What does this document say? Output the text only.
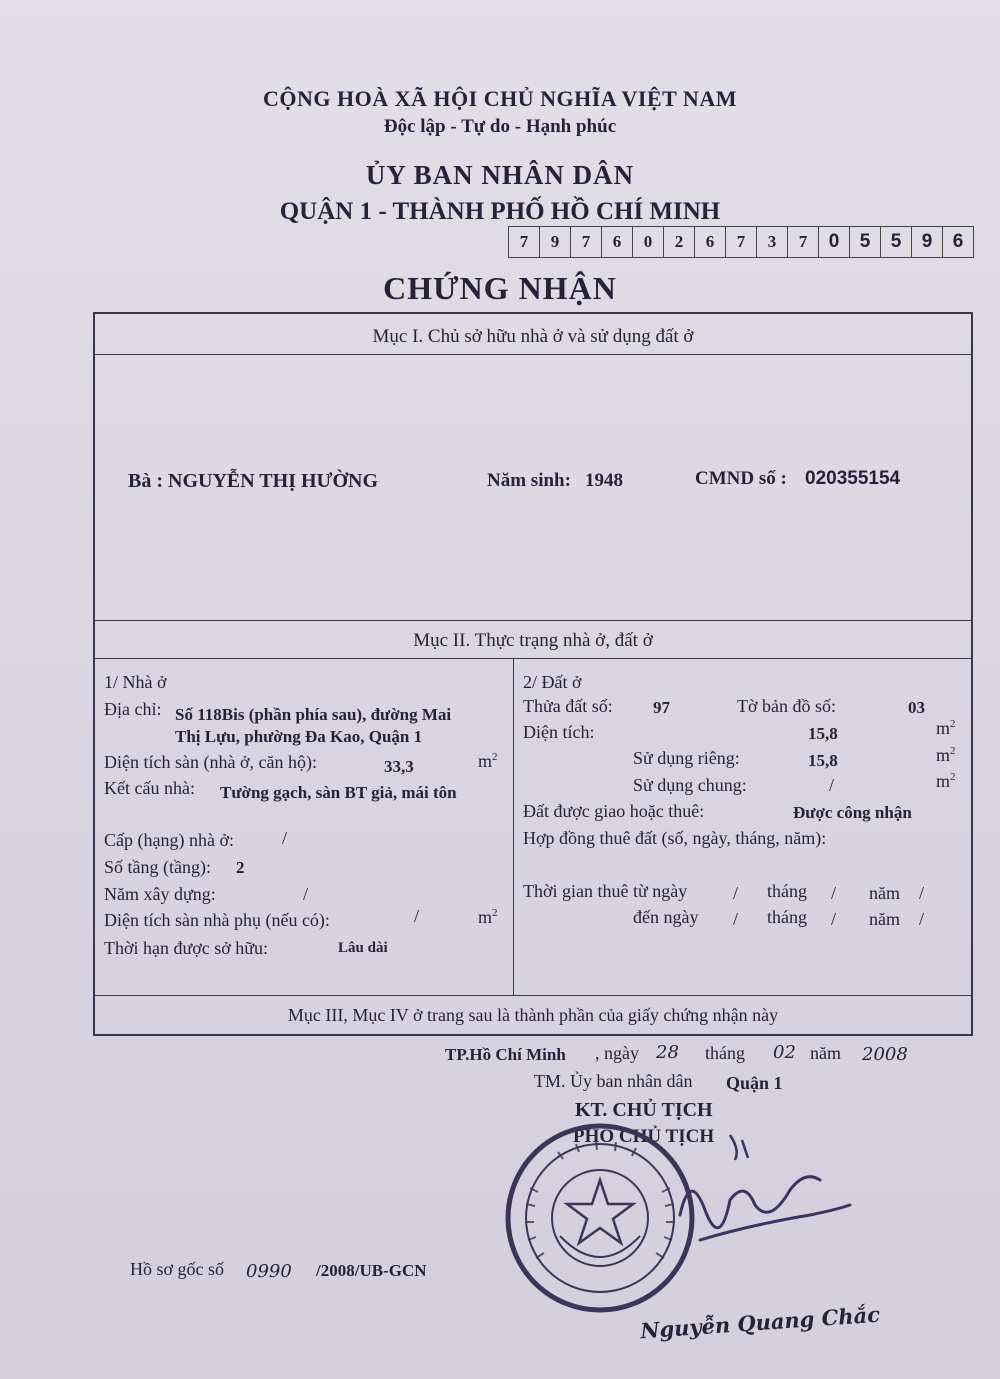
CỘNG HOÀ XÃ HỘI CHỦ NGHĨA VIỆT NAM
Độc lập - Tự do - Hạnh phúc
ỦY BAN NHÂN DÂN
QUẬN 1 - THÀNH PHỐ HỒ CHÍ MINH
7	9	7	6	0	2	6	7	3	7	0	5	5	9	6
CHỨNG NHẬN
Mục I. Chủ sở hữu nhà ở và sử dụng đất ở
Bà : NGUYỄN THỊ HƯỜNG	Năm sinh: 1948	CMND số : 020355154
Mục II. Thực trạng nhà ở, đất ở
1/ Nhà ở
Địa chỉ: Số 118Bis (phần phía sau), đường Mai
Thị Lựu, phường Đa Kao, Quận 1
Diện tích sàn (nhà ở, căn hộ):	33,3	$m^2$
Kết cấu nhà: Tường gạch, sàn BT giả, mái tôn
Cấp (hạng) nhà ở:	/
Số tầng (tầng): 2
Năm xây dựng:	/
Diện tích sàn nhà phụ (nếu có):	/	$m^2$
Thời hạn được sở hữu:	Lâu dài
2/ Đất ở
Thửa đất số: 97	Tờ bản đồ số:	03
Diện tích:	15,8	$m^2$
Sử dụng riêng:	15,8	$m^2$
Sử dụng chung:	/	$m^2$
Đất được giao hoặc thuê:	Được công nhận
Hợp đồng thuê đất (số, ngày, tháng, năm):
Thời gian thuê từ ngày	/ tháng / năm /
đến ngày / tháng / năm /
Mục III, Mục IV ở trang sau là thành phần của giấy chứng nhận này
TP.Hồ Chí Minh , ngày 28 tháng 02 năm 2008
TM. Ủy ban nhân dân Quận 1
KT. CHỦ TỊCH
PHÓ CHỦ TỊCH
Nguyễn Quang Chắc
Hồ sơ gốc số 0990 /2008/UB-GCN
